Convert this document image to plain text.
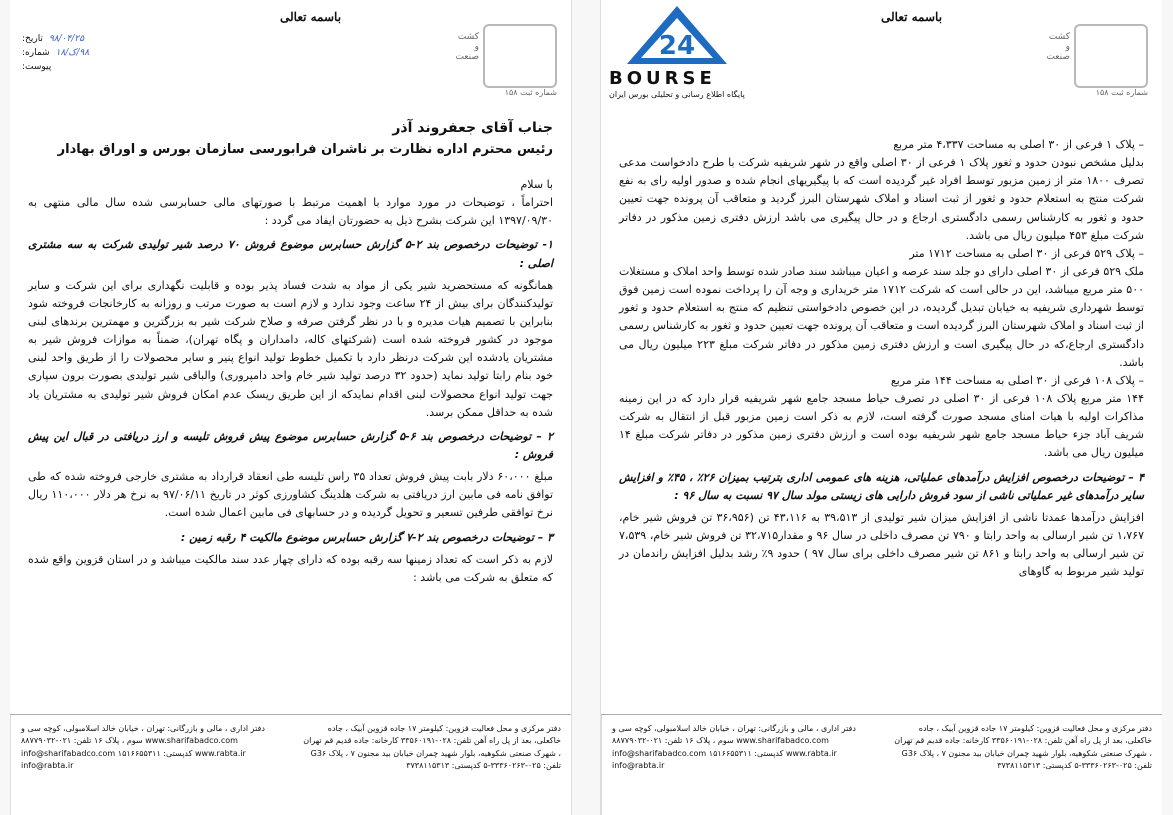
باسمه تعالی
کشت و صنعت
شماره ثبت ۱۵۸
۹۸/۰۴/۲۵
تاریخ:
۹۸/ک/۱۸
شماره:
پیوست:
جناب آقای جعفروند آذر
رئیس محترم اداره نظارت بر ناشران فرابورسی سازمان بورس و اوراق بهادار
با سلام
احتراماً ، توضیحات در مورد موارد با اهمیت مرتبط با صورتهای مالی حسابرسی شده سال مالی منتهی به ۱۳۹۷/۰۹/۳۰ این شرکت بشرح ذیل به حضورتان ایفاد می گردد :
۱- توضیحات درخصوص بند ۲-۵ گزارش حسابرس موضوع فروش ۷۰ درصد شیر تولیدی شرکت به سه مشتری اصلی :
همانگونه که مستحضرید شیر یکی از مواد به شدت فساد پذیر بوده و قابلیت نگهداری برای این شرکت و سایر تولیدکنندگان برای بیش از ۲۴ ساعت وجود ندارد و لازم است به صورت مرتب و روزانه به کارخانجات فروخته شود بنابراین با تصمیم هیات مدیره و با در نظر گرفتن صرفه و صلاح شرکت شیر به بزرگترین و مهمترین برندهای لبنی موجود در کشور فروخته شده است (شرکتهای کاله، دامداران و پگاه تهران)، ضمناً به موازات فروش شیر به مشتریان یادشده این شرکت درنظر دارد با تکمیل خطوط تولید انواع پنیر و سایر محصولات را از طریق واحد لبنی خود بنام رابتا تولید نماید (حدود ۳۲ درصد تولید شیر خام واحد دامپروری) والباقی شیر تولیدی بصورت برون سپاری جهت تولید انواع محصولات لبنی اقدام نمایدکه از این طریق ریسک عدم امکان فروش شیر تولیدی به مشتریان یاد شده به حداقل ممکن برسد.
۲ – توضیحات درخصوص بند ۶-۵ گزارش حسابرس موضوع پیش فروش تلیسه و ارز دریافتی در قبال این پیش فروش :
مبلغ ۶۰،۰۰۰ دلار بابت پیش فروش تعداد ۳۵ راس تلیسه طی انعقاد قرارداد به مشتری خارجی فروخته شده که طی توافق نامه فی مابین ارز دریافتی به شرکت هلدینگ کشاورزی کوثر در تاریخ ۹۷/۰۶/۱۱ به نرخ هر دلار ۱۱۰،۰۰۰ ریال نرخ توافقی طرفین تسعیر و تحویل گردیده و در حسابهای فی مابین اعمال شده است.
۳ – توضیحات درخصوص بند ۲-۷ گزارش حسابرس موضوع مالکیت ۴ رقبه زمین :
لازم به ذکر است که تعداد زمینها سه رقبه بوده که دارای چهار عدد سند مالکیت میباشد و در استان قزوین واقع شده که متعلق به شرکت می باشد :
دفتر مرکزی و محل فعالیت قزوین: کیلومتر ۱۷ جاده قزوین آبیک ، جاده خاکعلی، بعد از پل راه آهن تلفن: ۰۲۸-۳۳۵۶۰۱۹۱ کارخانه: جاده قدیم قم تهران ، شهرک صنعتی شکوهیه، بلوار شهید چمران خیابان بید مجنون ۷ ، پلاک G3۶ تلفن: ۰۲۵-۳۳۳۶۰۲۶۳-۵ کدپستی: ۳۷۳۸۱۱۵۳۱۳
دفتر اداری ، مالی و بازرگانی: تهران ، خیابان خالد اسلامبولی، کوچه سی و سوم ، پلاک ۱۶ تلفن: ۰۲۱-۸۸۷۷۹۰۳۲ www.sharifabadco.com info@sharifabadco.com کدپستی: ۱۵۱۶۶۵۵۳۱۱ www.rabta.ir info@rabta.ir
24
BOURSE
پایگاه اطلاع رسانی و تحلیلی بورس ایران
باسمه تعالی
کشت و صنعت
شماره ثبت ۱۵۸
– پلاک ۱ فرعی از ۳۰ اصلی به مساحت ۴،۳۳۷ متر مربع
بدلیل مشخص نبودن حدود و ثغور پلاک ۱ فرعی از ۳۰ اصلی واقع در شهر شریفیه شرکت با طرح دادخواست مدعی تصرف ۱۸۰۰ متر از زمین مزبور توسط افراد غیر گردیده است که با پیگیریهای انجام شده و صدور اولیه رای به نفع شرکت منتج به استعلام حدود و ثغور از ثبت اسناد و املاک شهرستان البرز گردید و متعاقب آن پرونده جهت تعیین حدود و ثغور به کارشناس رسمی دادگستری ارجاع و در حال پیگیری می باشد ارزش دفتری زمین مذکور در دفاتر شرکت مبلغ ۴۵۳ میلیون ریال می باشد.
– پلاک ۵۲۹ فرعی از ۳۰ اصلی به مساحت ۱۷۱۲ متر
ملک ۵۲۹ فرعی از ۳۰ اصلی دارای دو جلد سند عرصه و اعیان میباشد سند صادر شده توسط واحد املاک و مستغلات ۵۰۰ متر مربع میباشد، این در حالی است که شرکت ۱۷۱۲ متر خریداری و وجه آن را پرداخت نموده است زمین فوق توسط شهرداری شریفیه به خیابان تبدیل گردیده، در این خصوص دادخواستی تنظیم که منتج به استعلام حدود و ثغور از ثبت اسناد و املاک شهرستان البرز گردیده است و متعاقب آن پرونده جهت تعیین حدود و ثغور به کارشناس رسمی دادگستری ارجاع،که در حال پیگیری است و ارزش دفتری زمین مذکور در دفاتر شرکت مبلغ ۲۲۳ میلیون ریال می باشد.
– پلاک ۱۰۸ فرعی از ۳۰ اصلی به مساحت ۱۴۴ متر مربع
۱۴۴ متر مربع پلاک ۱۰۸ فرعی از ۳۰ اصلی در تصرف حیاط مسجد جامع شهر شریفیه قرار دارد که در این زمینه مذاکرات اولیه با هیات امنای مسجد صورت گرفته است، لازم به ذکر است زمین مزبور قبل از انتقال به شرکت شریف آباد جزء حیاط مسجد جامع شهر شریفیه بوده است و ارزش دفتری زمین مذکور در دفاتر شرکت مبلغ ۱۴ میلیون ریال می باشد.
۴ – توضیحات درخصوص افزایش درآمدهای عملیاتی، هزینه های عمومی اداری بترتیب بمیزان ۲۶٪ ، ۴۵٪ و افزایش سایر درآمدهای غیر عملیاتی ناشی از سود فروش دارایی های زیستی مولد سال ۹۷ نسبت به سال ۹۶ :
افزایش درآمدها عمدتا ناشی از افزایش میزان شیر تولیدی از ۳۹،۵۱۳ به ۴۳،۱۱۶ تن (۳۶،۹۵۶ تن فروش شیر خام، ۱،۷۶۷ تن شیر ارسالی به واحد رابتا و ۷۹۰ تن مصرف داخلی در سال ۹۶ و مقدار۳۲،۷۱۵ تن فروش شیر خام، ۷،۵۳۹ تن شیر ارسالی به واحد رابتا و ۸۶۱ تن شیر مصرف داخلی برای سال ۹۷ ) حدود ۹٪ رشد بدلیل افزایش راندمان در تولید شیر مربوط به گاوهای
دفتر مرکزی و محل فعالیت قزوین: کیلومتر ۱۷ جاده قزوین آبیک ، جاده خاکعلی، بعد از پل راه آهن تلفن: ۰۲۸-۳۳۵۶۰۱۹۱ کارخانه: جاده قدیم قم تهران ، شهرک صنعتی شکوهیه، بلوار شهید چمران خیابان بید مجنون ۷ ، پلاک G3۶ تلفن: ۰۲۵-۳۳۳۶۰۲۶۳-۵ کدپستی: ۳۷۳۸۱۱۵۳۱۳
دفتر اداری ، مالی و بازرگانی: تهران ، خیابان خالد اسلامبولی، کوچه سی و سوم ، پلاک ۱۶ تلفن: ۰۲۱-۸۸۷۷۹۰۳۲ www.sharifabadco.com info@sharifabadco.com کدپستی: ۱۵۱۶۶۵۵۳۱۱ www.rabta.ir info@rabta.ir
